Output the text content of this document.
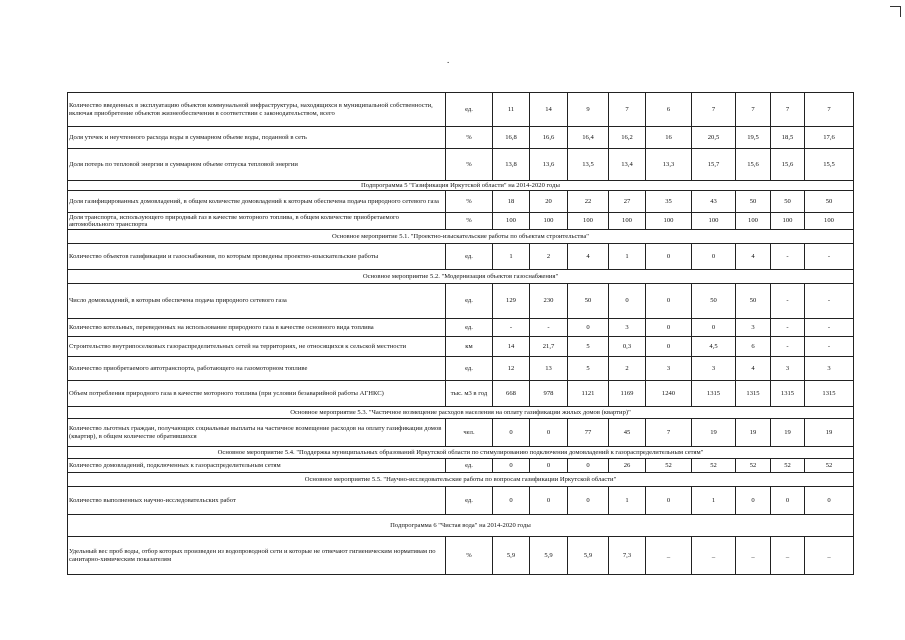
.
Количество введенных в эксплуатацию объектов коммунальной инфраструктуры, находящихся в муниципальной собственности, включая приобретение объектов жизнеобеспечения в соответствии с законодательством, всего	ед.	11	14	9	7	6	7	7	7	7
Доля утечек и неучтенного расхода воды в суммарном объеме воды, поданной в сеть	%	16,8	16,6	16,4	16,2	16	20,5	19,5	18,5	17,6
Доля потерь по тепловой энергии в суммарном объеме отпуска тепловой энергии	%	13,8	13,6	13,5	13,4	13,3	15,7	15,6	15,6	15,5
Подпрограмма 5 "Газификация Иркутской области" на 2014-2020 годы										
Доля газифицированных домовладений, в общем количестве домовладений к которым обеспечена подача природного сетевого газа	%	18	20	22	27	35	43	50	50	50
Доля транспорта, использующего природный газ в качестве моторного топлива, в общем количестве приобретаемого автомобильного транспорта	%	100	100	100	100	100	100	100	100	100
Основное мероприятие 5.1. "Проектно-изыскательские работы по объектам строительства"										
Количество объектов газификации и газоснабжения, по которым проведены проектно-изыскательские работы	ед.	1	2	4	1	0	0	4	-	-
Основное мероприятие 5.2. "Модернизация объектов газоснабжения"										
Число домовладений, в которым обеспечена подача природного сетевого газа	ед.	129	230	50	0	0	50	50	-	-
Количество котельных, переведенных на использование природного газа в качестве основного вида топлива	ед.	-	-	0	3	0	0	3	-	-
Строительство внутрипоселковых газораспределительных сетей на территориях, не относящихся к сельской местности	км	14	21,7	5	0,3	0	4,5	6	-	-
Количество приобретаемого автотранспорта, работающего на газомоторном топливе	ед.	12	13	5	2	3	3	4	3	3
Объем потребления природного газа в качестве моторного топлива (при условии безаварийной работы АГНКС)	тыс. м3 в год	668	978	1121	1169	1240	1315	1315	1315	1315
Основное мероприятие 5.3. "Частичное возмещение расходов населения на оплату газификации жилых домов (квартир)"										
Количество льготных граждан, получающих социальные выплаты на частичное возмещение расходов на оплату газификации домов (квартир), в общем количестве обратившихся	чел.	0	0	77	45	7	19	19	19	19
Основное мероприятие 5.4. "Поддержка муниципальных образований Иркутской области по стимулированию подключения домовладений к газораспределительным сетям"										
Количество домовладений, подключенных к газораспределительным сетям	ед.	0	0	0	26	52	52	52	52	52
Основное мероприятие 5.5. "Научно-исследовательские работы по вопросам газификации Иркутской области"										
Количество выполненных научно-исследовательских работ	ед.	0	0	0	1	0	1	0	0	0
Подпрограмма 6 "Чистая вода" на 2014-2020 годы										
Удельный вес проб воды, отбор которых произведен из водопроводной сети и которые не отвечают гигиеническим нормативам по санитарно-химическим показателям	%	5,9	5,9	5,9	7,3	_	_	_	_	_
